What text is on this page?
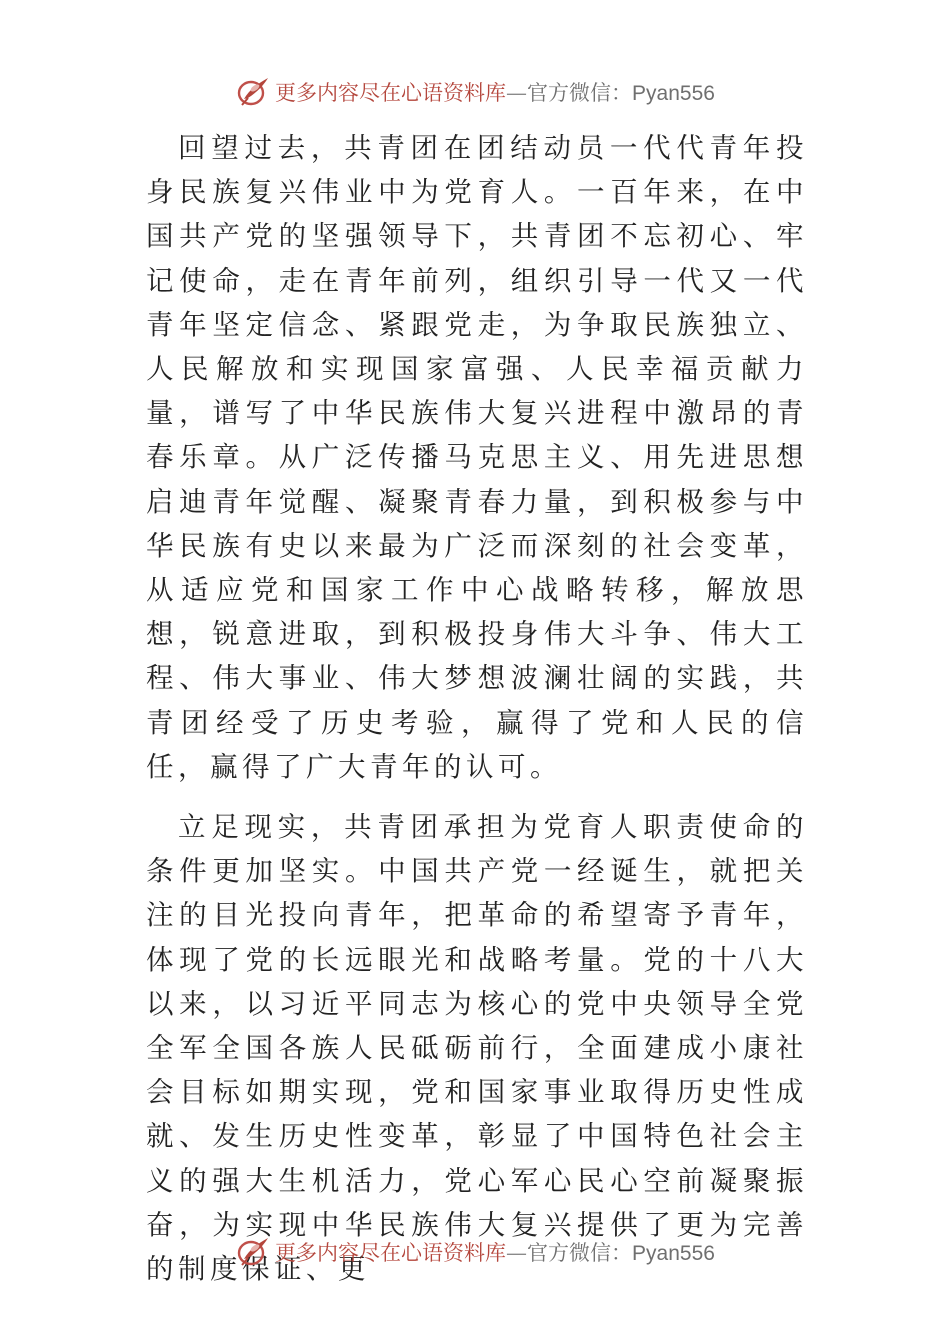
更多内容尽在心语资料库—官方微信：Pyan556

回望过去，共青团在团结动员一代代青年投身民族复兴伟业中为党育人。一百年来，在中国共产党的坚强领导下，共青团不忘初心、牢记使命，走在青年前列，组织引导一代又一代青年坚定信念、紧跟党走，为争取民族独立、人民解放和实现国家富强、人民幸福贡献力量，谱写了中华民族伟大复兴进程中激昂的青春乐章。从广泛传播马克思主义、用先进思想启迪青年觉醒、凝聚青春力量，到积极参与中华民族有史以来最为广泛而深刻的社会变革，从适应党和国家工作中心战略转移，解放思想，锐意进取，到积极投身伟大斗争、伟大工程、伟大事业、伟大梦想波澜壮阔的实践，共青团经受了历史考验，赢得了党和人民的信任，赢得了广大青年的认可。

立足现实，共青团承担为党育人职责使命的条件更加坚实。中国共产党一经诞生，就把关注的目光投向青年，把革命的希望寄予青年，体现了党的长远眼光和战略考量。党的十八大以来，以习近平同志为核心的党中央领导全党全军全国各族人民砥砺前行，全面建成小康社会目标如期实现，党和国家事业取得历史性成就、发生历史性变革，彰显了中国特色社会主义的强大生机活力，党心军心民心空前凝聚振奋，为实现中华民族伟大复兴提供了更为完善的制度保证、更

更多内容尽在心语资料库—官方微信：Pyan556
